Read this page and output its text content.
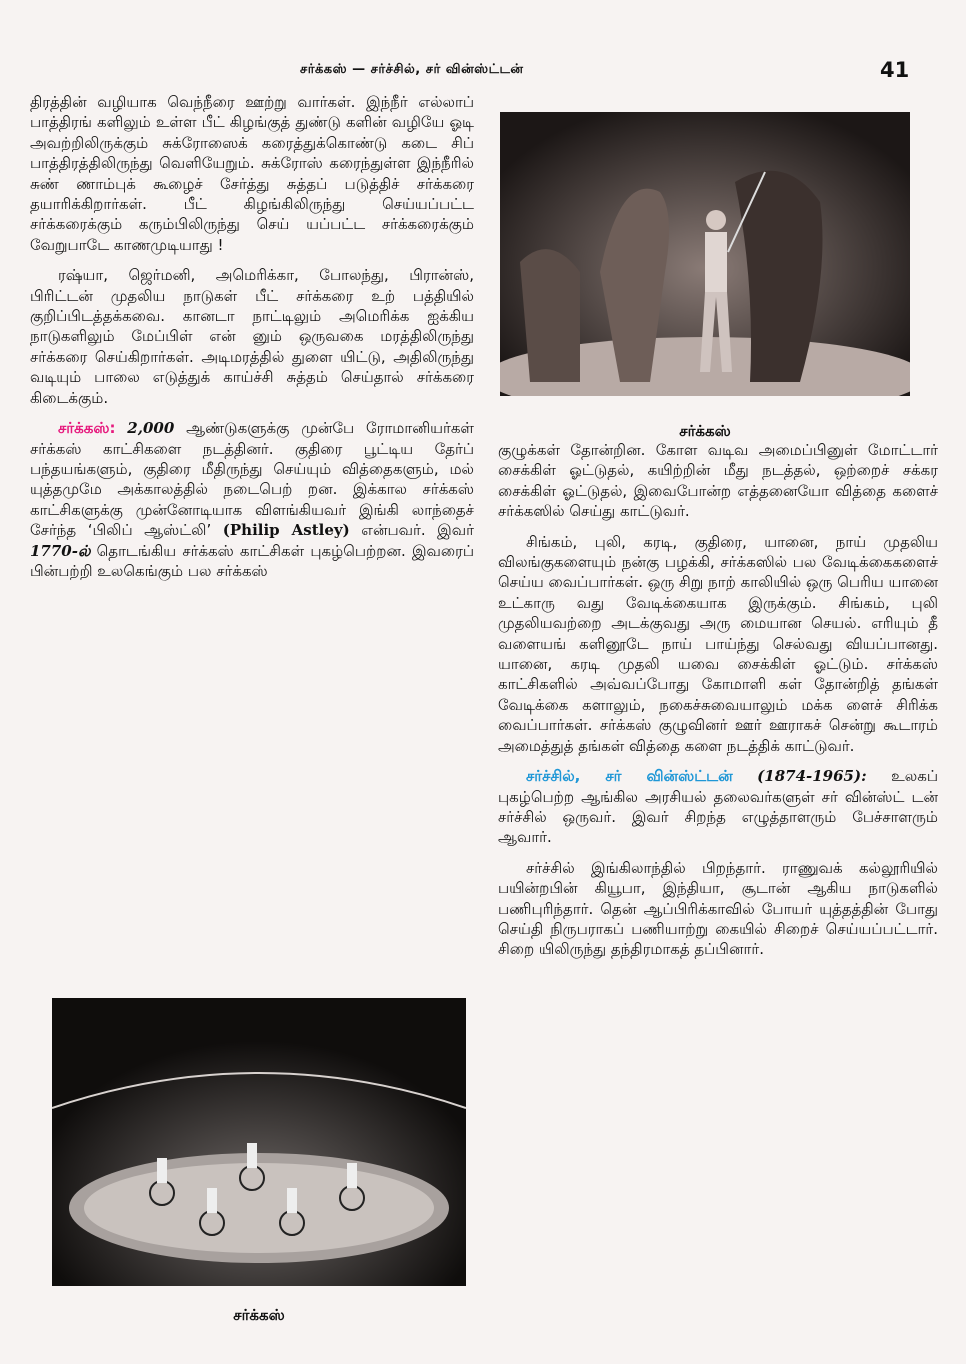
சர்க்கஸ் — சர்ச்சில், சர் வின்ஸ்ட்டன்	41

திரத்தின் வழியாக வெந்நீரை ஊற்று வார்கள். இந்நீர் எல்லாப் பாத்திரங் களிலும் உள்ள பீட் கிழங்குத் துண்டு களின் வழியே ஓடி அவற்றிலிருக்கும் சுக்ரோஸைக் கரைத்துக்கொண்டு கடை சிப் பாத்திரத்திலிருந்து வெளியேறும். சுக்ரோஸ் கரைந்துள்ள இந்நீரில் சுண் ணாம்புக் கூழைச் சேர்த்து சுத்தப் படுத்திச் சர்க்கரை தயாரிக்கிறார்கள். பீட் கிழங்கிலிருந்து செய்யப்பட்ட சர்க்கரைக்கும் கரும்பிலிருந்து செய் யப்பட்ட சர்க்கரைக்கும் வேறுபாடே காணமுடியாது !

ரஷ்யா, ஜெர்மனி, அமெரிக்கா, போலந்து, பிரான்ஸ், பிரிட்டன் முதலிய நாடுகள் பீட் சர்க்கரை உற் பத்தியில் குறிப்பிடத்தக்கவை. கானடா நாட்டிலும் அமெரிக்க ஐக்கிய நாடுகளிலும் மேப்பிள் என் னும் ஒருவகை மரத்திலிருந்து சர்க்கரை செய்கிறார்கள். அடிமரத்தில் துளை யிட்டு, அதிலிருந்து வடியும் பாலை எடுத்துக் காய்ச்சி சுத்தம் செய்தால் சர்க்கரை கிடைக்கும்.

சர்க்கஸ்: 2,000 ஆண்டுகளுக்கு முன்பே ரோமானியர்கள் சர்க்கஸ் காட்சிகளை நடத்தினர். குதிரை பூட்டிய தேர்ப் பந்தயங்களும், குதிரை மீதிருந்து செய்யும் வித்தைகளும், மல் யுத்தமுமே அக்காலத்தில் நடைபெற் றன. இக்கால சர்க்கஸ் காட்சிகளுக்கு முன்னோடியாக விளங்கியவர் இங்கி லாந்தைச் சேர்ந்த ‘பிலிப் ஆஸ்ட்லி’ (Philip Astley) என்பவர். இவர் 1770-ல் தொடங்கிய சர்க்கஸ் காட்சிகள் புகழ்பெற்றன. இவரைப் பின்பற்றி உலகெங்கும் பல சர்க்கஸ்

சர்க்கஸ்

குழுக்கள் தோன்றின. கோள வடிவ அமைப்பினுள் மோட்டார் சைக்கிள் ஓட்டுதல், கயிற்றின் மீது நடத்தல், ஒற்றைச் சக்கர சைக்கிள் ஓட்டுதல், இவைபோன்ற எத்தனையோ வித்தை களைச் சர்க்கஸில் செய்து காட்டுவர்.

சிங்கம், புலி, கரடி, குதிரை, யானை, நாய் முதலிய விலங்குகளையும் நன்கு பழக்கி, சர்க்கஸில் பல வேடிக்கைகளைச் செய்ய வைப்பார்கள். ஒரு சிறு நாற் காலியில் ஒரு பெரிய யானை உட்காரு வது வேடிக்கையாக இருக்கும். சிங்கம், புலி முதலியவற்றை அடக்குவது அரு மையான செயல். எரியும் தீ வளையங் களினூடே நாய் பாய்ந்து செல்வது வியப்பானது. யானை, கரடி முதலி யவை சைக்கிள் ஓட்டும். சர்க்கஸ் காட்சிகளில் அவ்வப்போது கோமாளி கள் தோன்றித் தங்கள் வேடிக்கை களாலும், நகைச்சுவையாலும் மக்க ளைச் சிரிக்க வைப்பார்கள். சர்க்கஸ் குழுவினர் ஊர் ஊராகச் சென்று கூடாரம் அமைத்துத் தங்கள் வித்தை களை நடத்திக் காட்டுவர்.

சர்ச்சில், சர் வின்ஸ்ட்டன் (1874-1965): உலகப் புகழ்பெற்ற ஆங்கில அரசியல் தலைவர்களுள் சர் வின்ஸ்ட் டன் சர்ச்சில் ஒருவர். இவர் சிறந்த எழுத்தாளரும் பேச்சாளரும் ஆவார்.

சர்ச்சில் இங்கிலாந்தில் பிறந்தார். ராணுவக் கல்லூரியில் பயின்றபின் கியூபா, இந்தியா, சூடான் ஆகிய நாடுகளில் பணிபுரிந்தார். தென் ஆப்பிரிக்காவில் போயர் யுத்தத்தின் போது செய்தி நிருபராகப் பணியாற்று கையில் சிறைச் செய்யப்பட்டார். சிறை யிலிருந்து தந்திரமாகத் தப்பினார்.

சர்க்கஸ்
